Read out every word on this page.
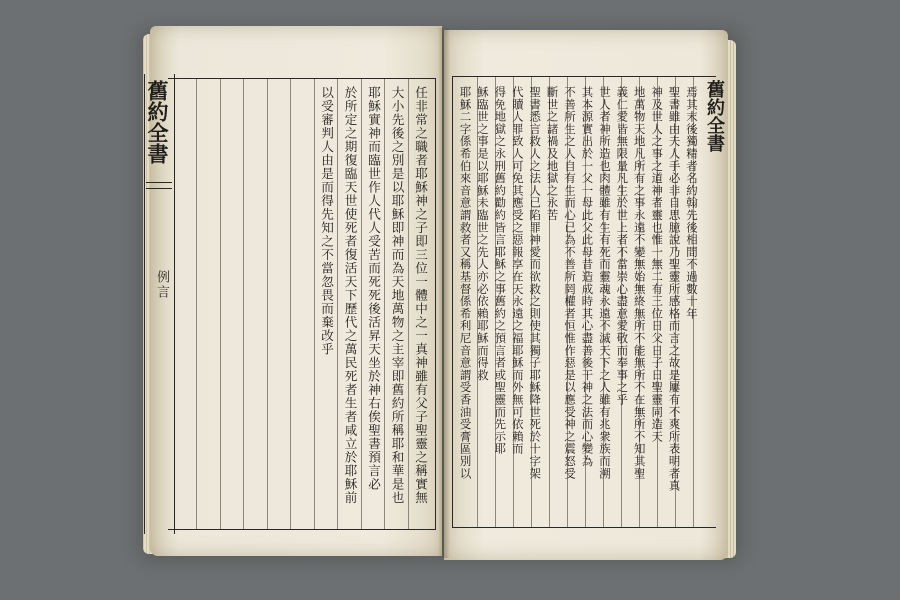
舊約全書
例言	任非常之職者耶穌神之子即三位一體中之一真神雖有父子聖靈之稱實無
大小先後之別是以耶穌即神而為天地萬物之主宰即舊約所稱耶和華是也
耶穌實神而臨世作人代人受苦而死死後活昇天坐於神右俟聖書預言必
於所定之期復臨天世使死者復活天下歷代之萬民死者生者咸立於耶穌前
以受審判人由是而得先知之不當忽畏而棄改乎	舊約全書
焉其末後獨精者名約翰先後相間不過數十年
聖書雖由夫人手必非自思臆說乃聖靈所感格而言之故是屢有不爽所表明者真
神及世人之事之道神者靈也惟一無二有三位日父日子日聖靈同造天
地萬物天地凡所有之事永遠不變無始無終無所不能無所不在無所不知其聖
義仁愛皆無限量凡生於世上者不當崇心盡意愛敬而奉事之乎
世人者神所造也肉體雖有生有死而靈魂永遠不滅天下之人雖有兆衆族而溯
其本源實出於一父一母此父此母昔造成時其心盡善後干神之法而心變為
不善所生之人自有生而心已為不善所罔權者恒惟作惡是以應受神之震怒受
斷世之諸禍及地獄之永苦
聖書悉言救人之法人已陷罪神愛而欲救之則使其獨子耶穌降世死於十字架
代贖人罪致人可免其應受之惡報享在天永遠之福耶穌而外無可依賴而
得免地獄之永刑舊約勸約皆言耶穌之事舊約之預言者或聖靈而先示耶
穌臨世之事是以耶穌未臨世之先人亦必依賴耶穌而得救
耶穌二字係希伯來音意謂救者又稱基督係希利尼音意謂受香油受膏區別以
